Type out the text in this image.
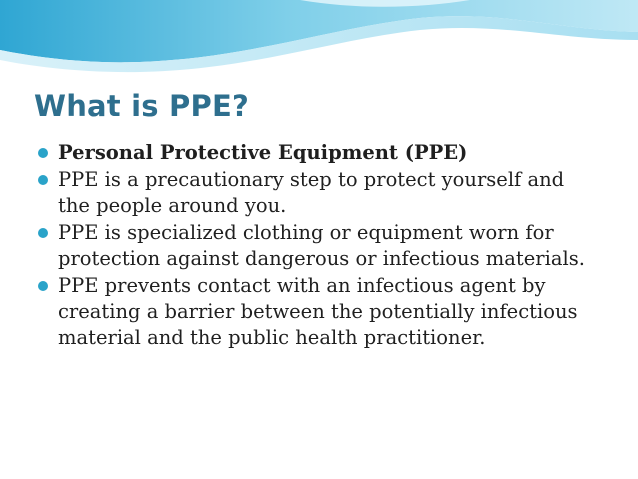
What is PPE?
Personal Protective Equipment (PPE)
PPE is a precautionary step to protect yourself and the people around you.
PPE is specialized clothing or equipment worn for protection against dangerous or infectious materials.
PPE prevents contact with an infectious agent by creating a barrier between the potentially infectious material and the public health practitioner.
